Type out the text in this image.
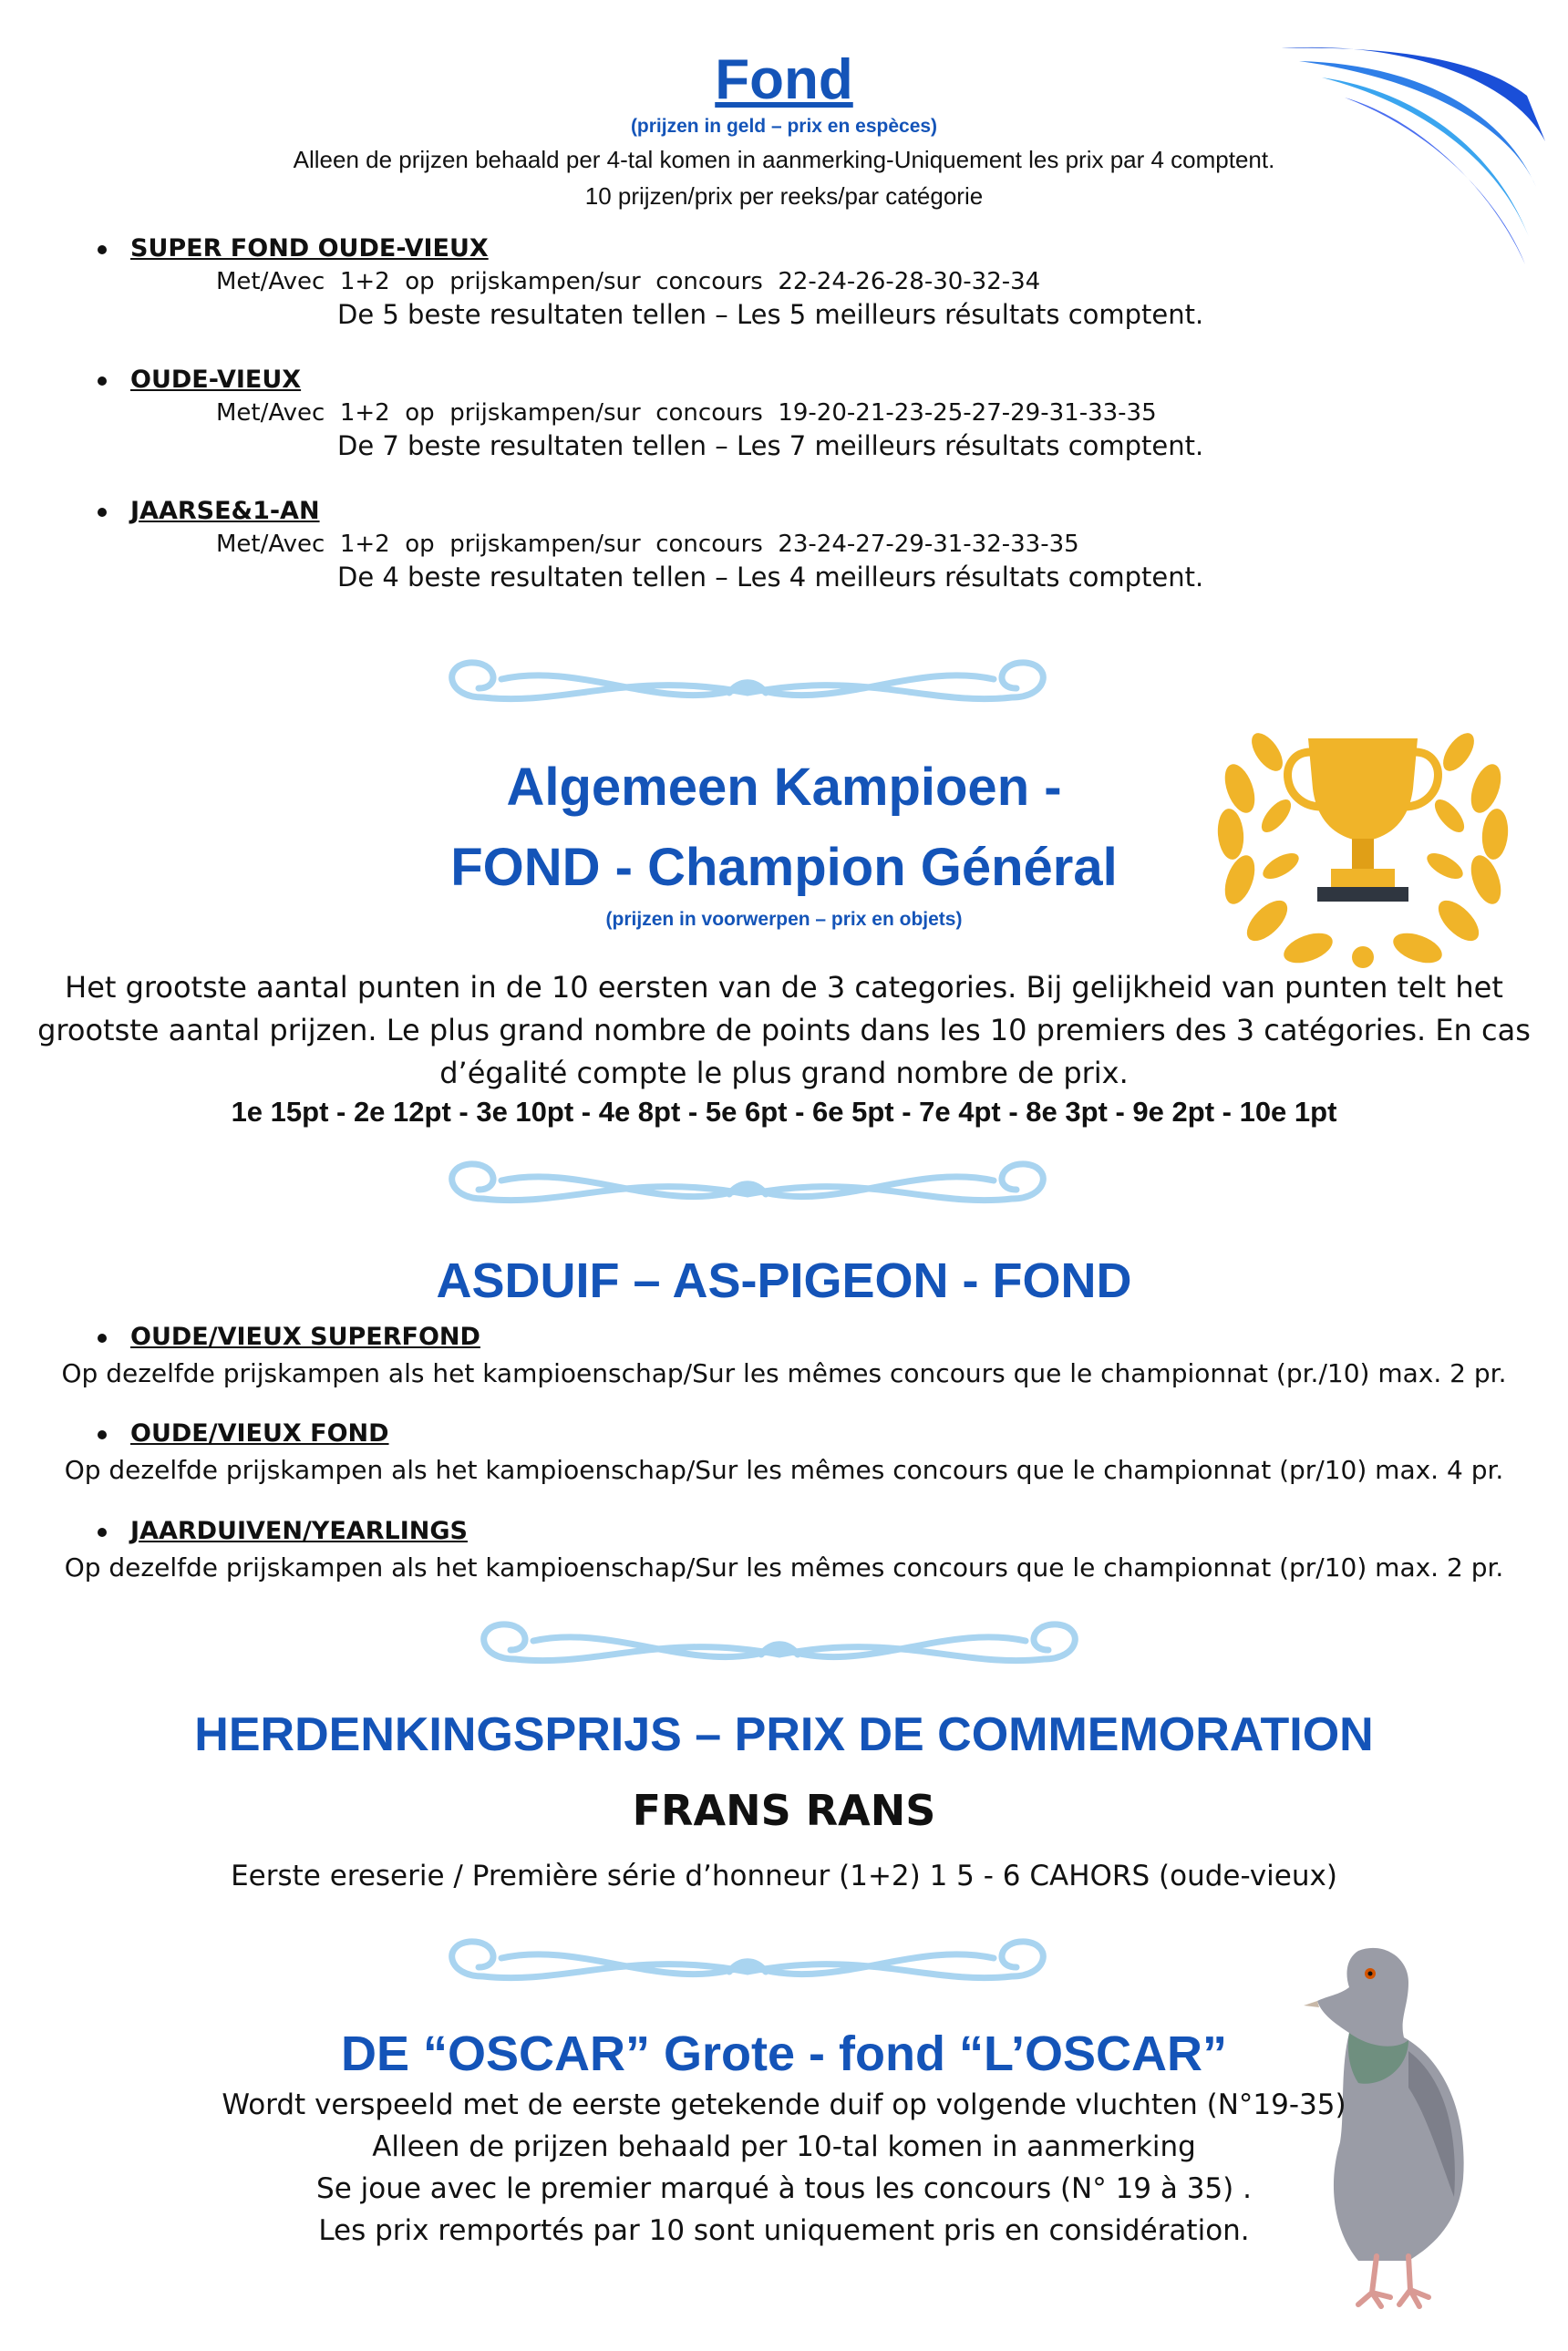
Fond
(prijzen in geld – prix en espèces)
Alleen de prijzen behaald per 4-tal komen in aanmerking-Uniquement les prix par 4 comptent.
10 prijzen/prix per reeks/par catégorie
SUPER FOND OUDE-VIEUX
Met/Avec  1+2  op  prijskampen/sur  concours  22-24-26-28-30-32-34
De 5 beste resultaten tellen – Les 5 meilleurs résultats comptent.
OUDE-VIEUX
Met/Avec  1+2  op  prijskampen/sur  concours  19-20-21-23-25-27-29-31-33-35
De 7 beste resultaten tellen – Les 7 meilleurs résultats comptent.
JAARSE&1-AN
Met/Avec  1+2  op  prijskampen/sur  concours  23-24-27-29-31-32-33-35
De 4 beste resultaten tellen – Les 4 meilleurs résultats comptent.
Algemeen Kampioen -
FOND - Champion Général
(prijzen in voorwerpen – prix en objets)
Het grootste aantal punten in de 10 eersten van de 3 categories. Bij gelijkheid van punten telt het
grootste aantal prijzen. Le plus grand nombre de points dans les 10 premiers des 3 catégories. En cas
d’égalité compte le plus grand nombre de prix.
1e 15pt - 2e 12pt - 3e 10pt - 4e 8pt - 5e 6pt - 6e 5pt - 7e 4pt - 8e 3pt - 9e 2pt - 10e 1pt
ASDUIF – AS-PIGEON - FOND
OUDE/VIEUX SUPERFOND
Op dezelfde prijskampen als het kampioenschap/Sur les mêmes concours que le championnat (pr./10) max. 2 pr.
OUDE/VIEUX FOND
Op dezelfde prijskampen als het kampioenschap/Sur les mêmes concours que le championnat (pr/10) max. 4 pr.
JAARDUIVEN/YEARLINGS
Op dezelfde prijskampen als het kampioenschap/Sur les mêmes concours que le championnat (pr/10) max. 2 pr.
HERDENKINGSPRIJS – PRIX DE COMMEMORATION
FRANS RANS
Eerste ereserie / Première série d’honneur (1+2) 1 5 - 6 CAHORS (oude-vieux)
DE “OSCAR” Grote - fond “L’OSCAR”
Wordt verspeeld met de eerste getekende duif op volgende vluchten (N°19-35)
Alleen de prijzen behaald per 10-tal komen in aanmerking
Se joue avec le premier marqué à tous les concours (N° 19 à 35) .
Les prix remportés par 10 sont uniquement pris en considération.
